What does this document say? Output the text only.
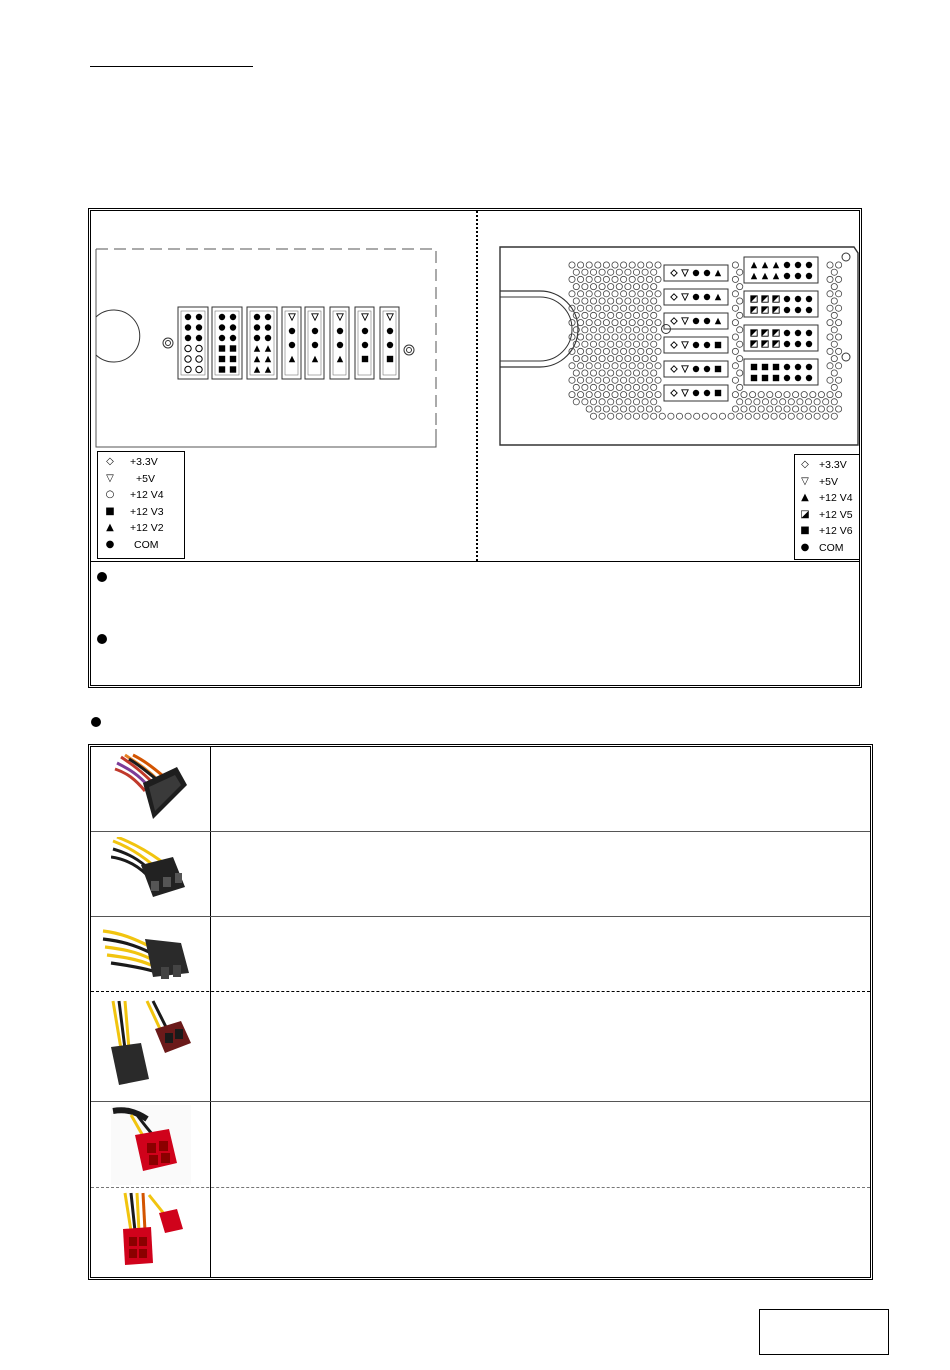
◇	+3.3V
▽	+5V
○	+12 V4
■	+12 V3
▲	+12 V2
●	COM
◇ +3.3V
▽ +5V
▲ +12 V4
◪ +12 V5
■ +12 V6
● COM
